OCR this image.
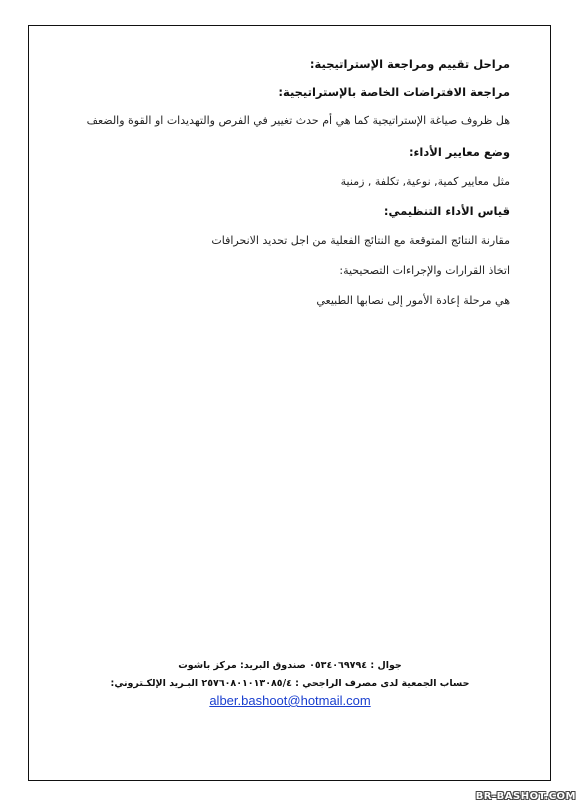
مراحل تقييم ومراجعة الإستراتيجية:
مراجعة الافتراضات الخاصة بالإستراتيجية:
هل ظروف صياغة الإستراتيجية كما هي أم حدث تغيير في الفرص والتهديدات او القوة والضعف
وضع معايير الأداء:
مثل معايير كمية, نوعية, تكلفة , زمنية
قياس الأداء التنظيمي:
مقارنة النتائج المتوقعة مع النتائج الفعلية من اجل تحديد الانحرافات
اتخاذ القرارات والإجراءات التصحيحية:
هي مرحلة إعادة الأمور إلى نصابها الطبيعي
جوال : ٠٥٣٤٠٦٩٧٩٤ صندوق البريد: مركز باشوت
حساب الجمعية لدى مصرف الراجحي : ٢٥٧٦٠٨٠١٠١٣٠٨٥/٤ البـريد الإلكـتروني:
alber.bashoot@hotmail.com
BR-BASHOT.COM
